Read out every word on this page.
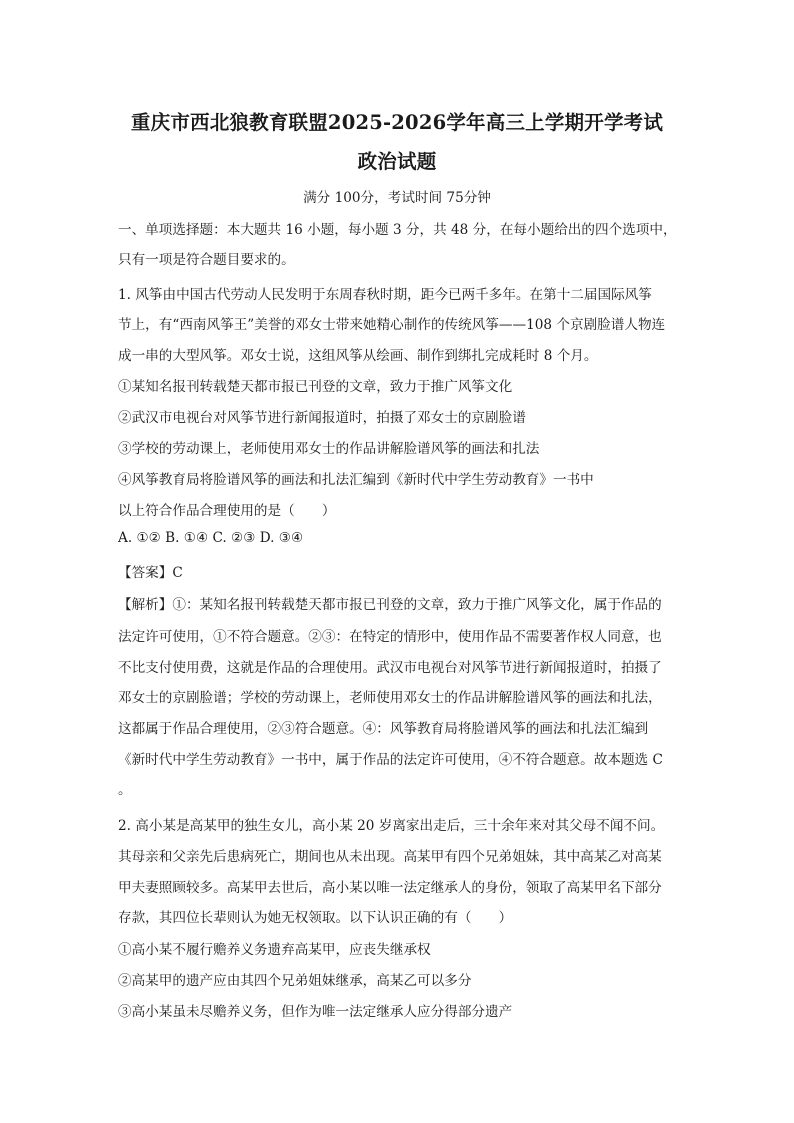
重庆市西北狼教育联盟2025-2026学年高三上学期开学考试
政治试题
满分 100分，考试时间 75分钟
一、单项选择题：本大题共 16 小题，每小题 3 分，共 48 分，在每小题给出的四个选项中，
只有一项是符合题目要求的。
1. 风筝由中国古代劳动人民发明于东周春秋时期，距今已两千多年。在第十二届国际风筝
节上，有“西南风筝王”美誉的邓女士带来她精心制作的传统风筝——108 个京剧脸谱人物连
成一串的大型风筝。邓女士说，这组风筝从绘画、制作到绑扎完成耗时 8 个月。
①某知名报刊转载楚天都市报已刊登的文章，致力于推广风筝文化
②武汉市电视台对风筝节进行新闻报道时，拍摄了邓女士的京剧脸谱
③学校的劳动课上，老师使用邓女士的作品讲解脸谱风筝的画法和扎法
④风筝教育局将脸谱风筝的画法和扎法汇编到《新时代中学生劳动教育》一书中
以上符合作品合理使用的是（　　）
A. ①② B. ①④ C. ②③ D. ③④
【答案】C
【解析】①：某知名报刊转载楚天都市报已刊登的文章，致力于推广风筝文化，属于作品的
法定许可使用，①不符合题意。②③：在特定的情形中，使用作品不需要著作权人同意，也
不比支付使用费，这就是作品的合理使用。武汉市电视台对风筝节进行新闻报道时，拍摄了
邓女士的京剧脸谱；学校的劳动课上，老师使用邓女士的作品讲解脸谱风筝的画法和扎法，
这都属于作品合理使用，②③符合题意。④：风筝教育局将脸谱风筝的画法和扎法汇编到
《新时代中学生劳动教育》一书中，属于作品的法定许可使用，④不符合题意。故本题选 C
。
2. 高小某是高某甲的独生女儿，高小某 20 岁离家出走后，三十余年来对其父母不闻不问。
其母亲和父亲先后患病死亡，期间也从未出现。高某甲有四个兄弟姐妹，其中高某乙对高某
甲夫妻照顾较多。高某甲去世后，高小某以唯一法定继承人的身份，领取了高某甲名下部分
存款，其四位长辈则认为她无权领取。以下认识正确的有（　　）
①高小某不履行赡养义务遗弃高某甲，应丧失继承权
②高某甲的遗产应由其四个兄弟姐妹继承，高某乙可以多分
③高小某虽未尽赡养义务，但作为唯一法定继承人应分得部分遗产
